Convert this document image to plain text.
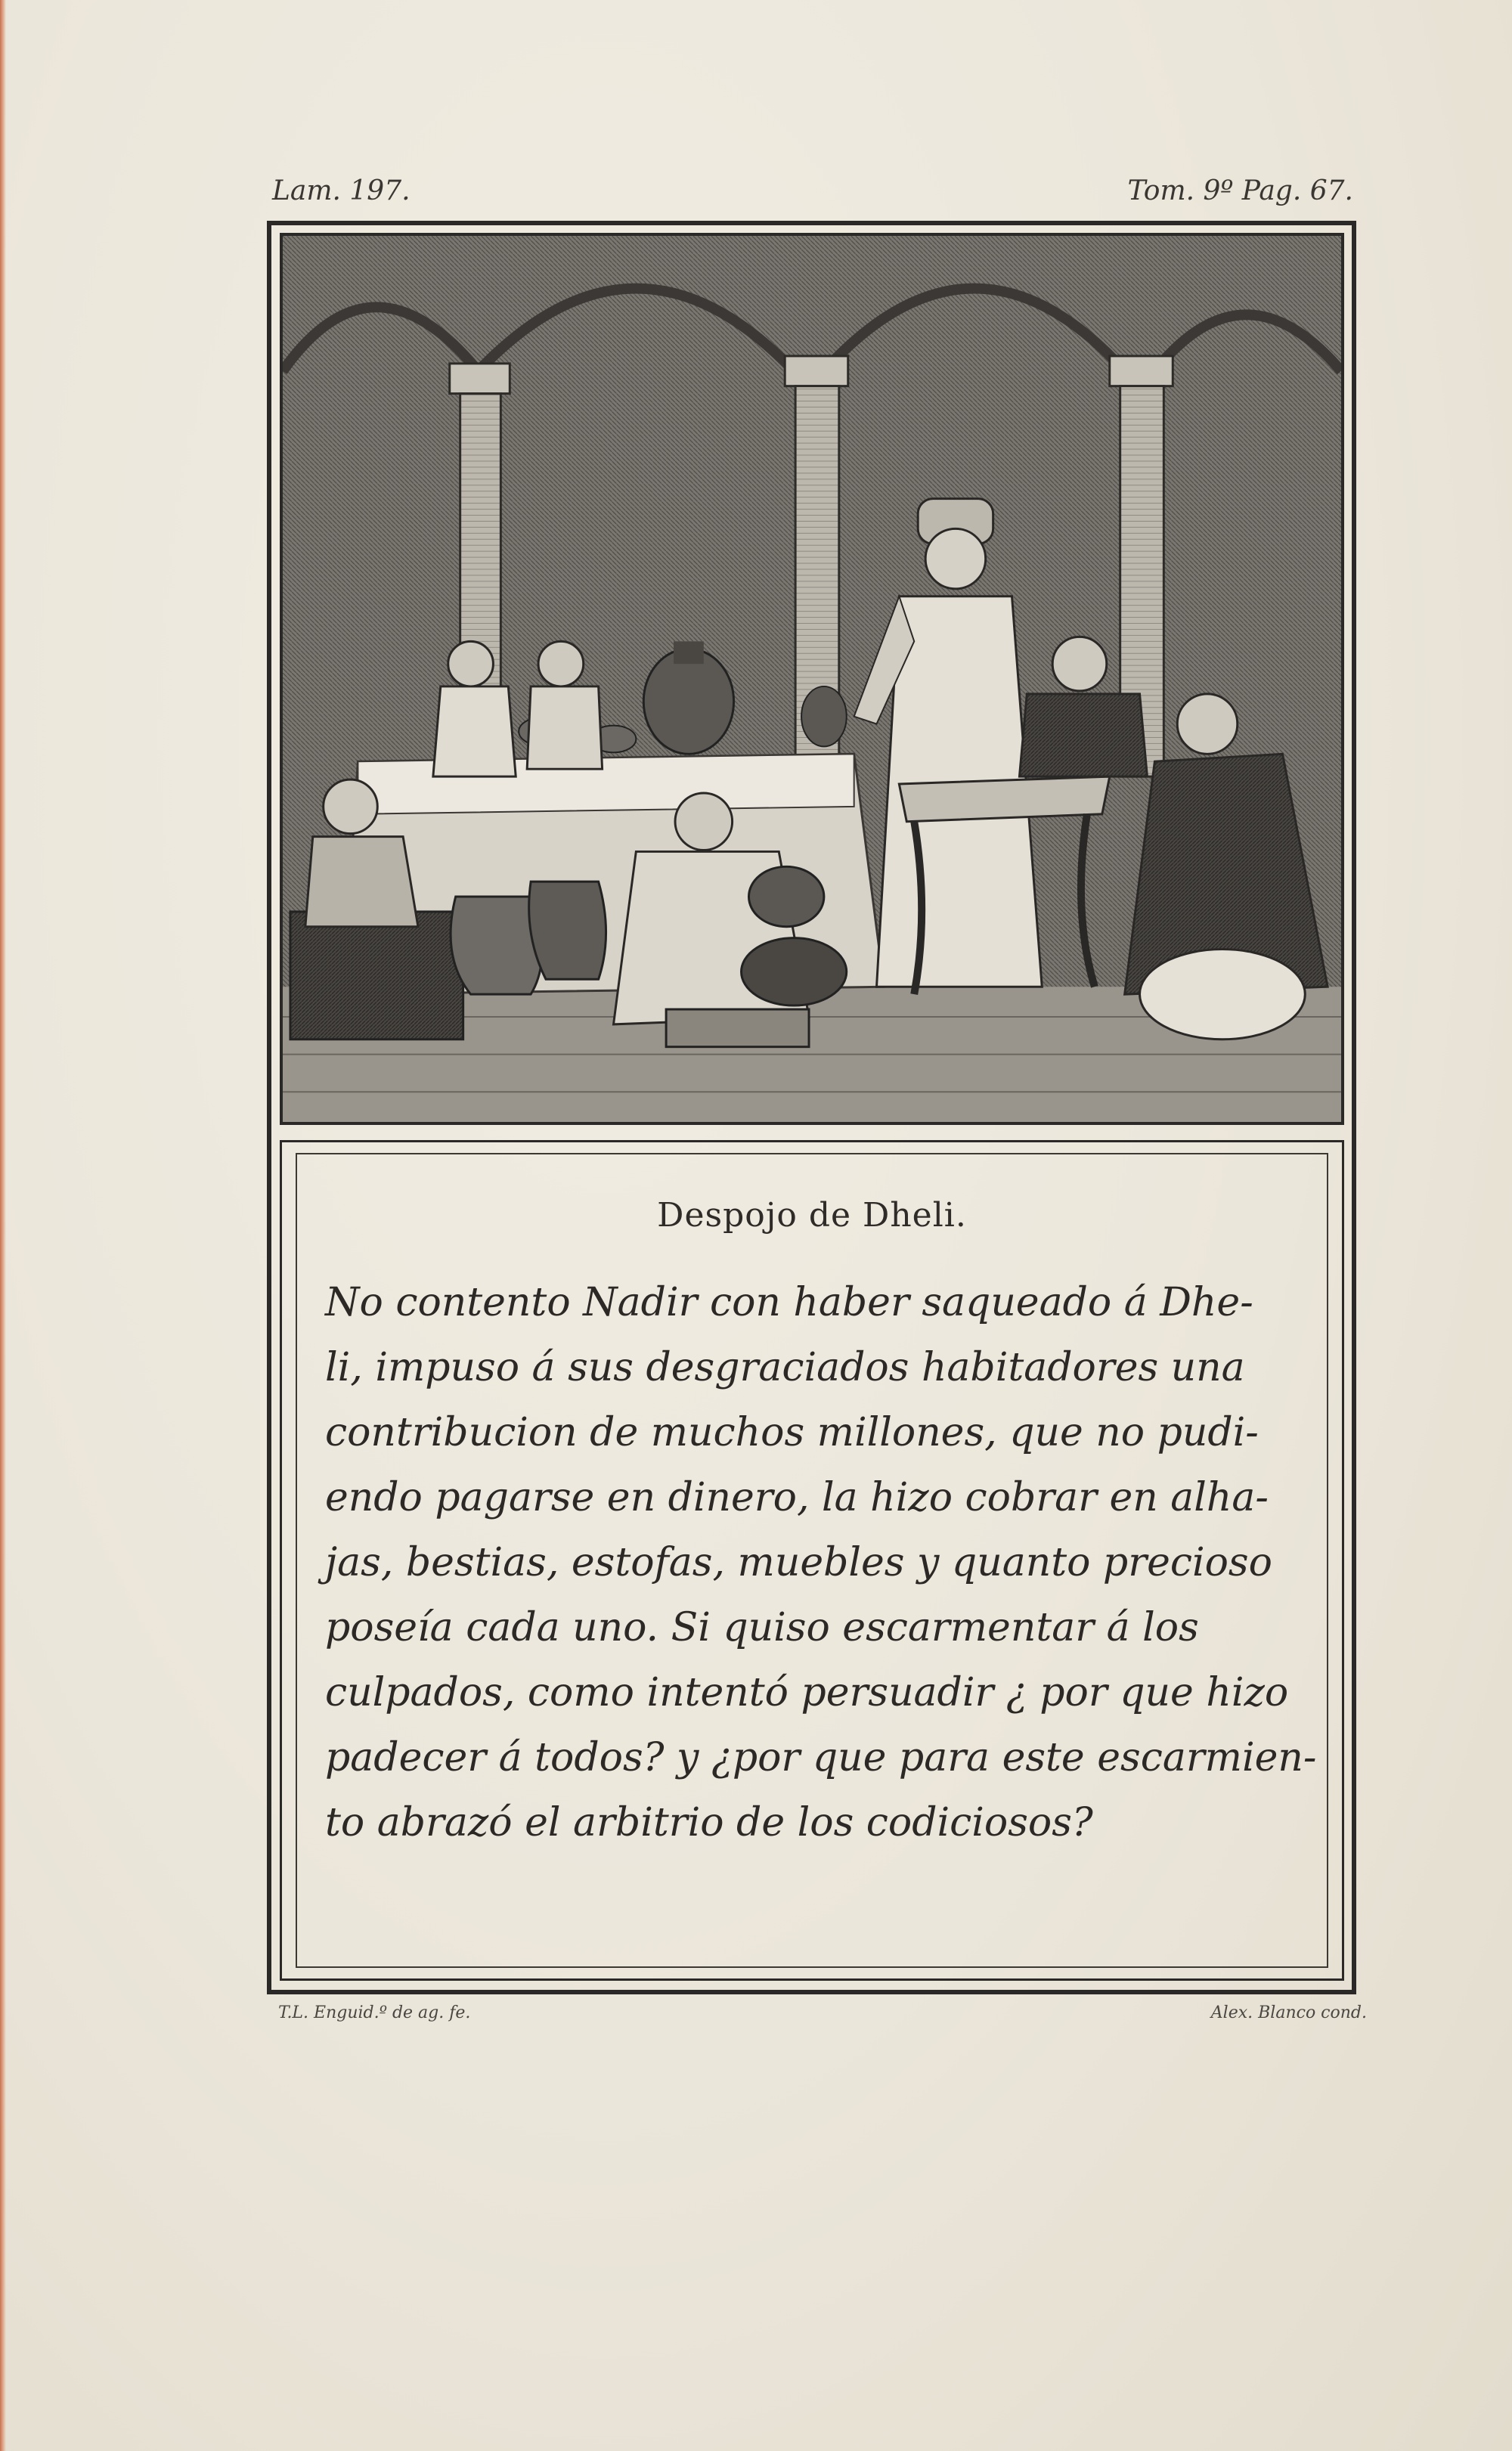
Lam. 197.	Tom. 9º Pag. 67.
Despojo de Dheli.
No contento Nadir con haber saqueado á Dhe-
li, impuso á sus desgraciados habitadores una
contribucion de muchos millones, que no pudi-
endo pagarse en dinero, la hizo cobrar en alha-
jas, bestias, estofas, muebles y quanto precioso
poseía cada uno. Si quiso escarmentar á los
culpados, como intentó persuadir ¿ por que hizo
padecer á todos? y ¿por que para este escarmien-
to abrazó el arbitrio de los codiciosos?
T.L. Enguid.º de ag. fe.	Alex. Blanco cond.
